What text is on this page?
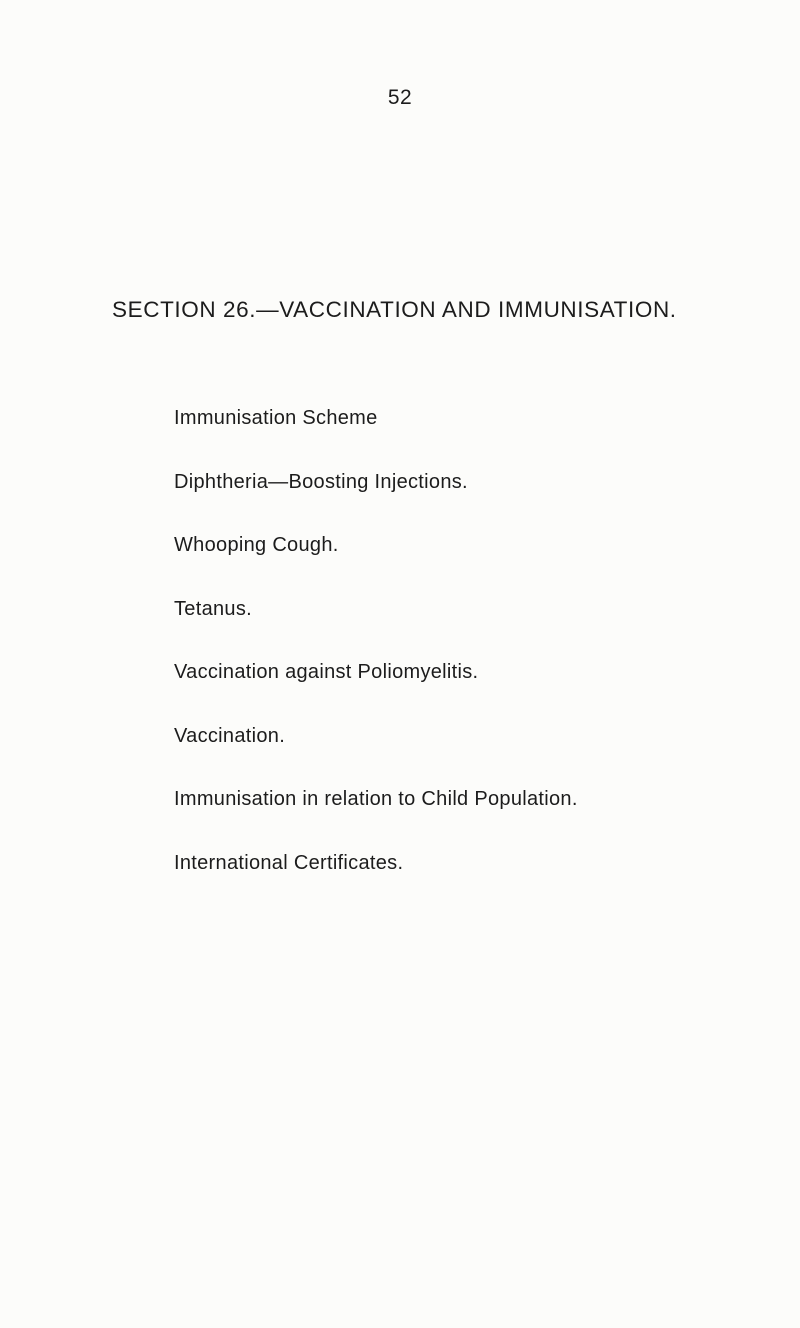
52
SECTION 26.—VACCINATION AND IMMUNISATION.
Immunisation Scheme
Diphtheria—Boosting Injections.
Whooping Cough.
Tetanus.
Vaccination against Poliomyelitis.
Vaccination.
Immunisation in relation to Child Population.
International Certificates.
